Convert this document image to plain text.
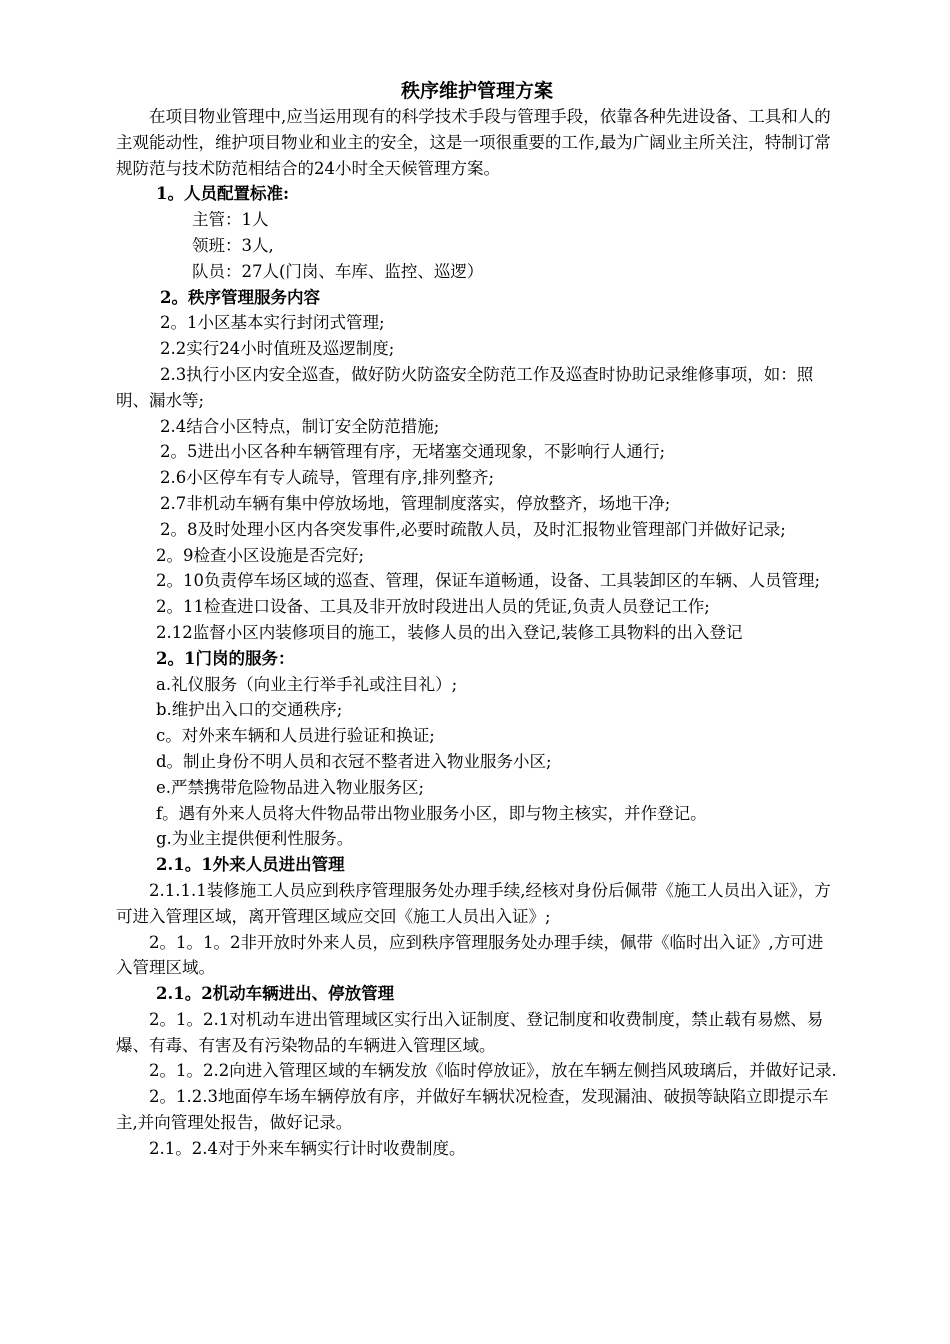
秩序维护管理方案

在项目物业管理中,应当运用现有的科学技术手段与管理手段，依靠各种先进设备、工具和人的主观能动性，维护项目物业和业主的安全，这是一项很重要的工作,最为广阔业主所关注，特制订常规防范与技术防范相结合的24小时全天候管理方案。

1。人员配置标准:

主管：1人

领班：3人,

队员：27人(门岗、车库、监控、巡逻）

2。秩序管理服务内容

2。1小区基本实行封闭式管理;

2.2实行24小时值班及巡逻制度;

2.3执行小区内安全巡查，做好防火防盗安全防范工作及巡查时协助记录维修事项，如：照明、漏水等;

2.4结合小区特点，制订安全防范措施;

2。5进出小区各种车辆管理有序，无堵塞交通现象，不影响行人通行;

2.6小区停车有专人疏导，管理有序,排列整齐;

2.7非机动车辆有集中停放场地，管理制度落实，停放整齐，场地干净;

2。8及时处理小区内各突发事件,必要时疏散人员，及时汇报物业管理部门并做好记录;

2。9检查小区设施是否完好;

2。10负责停车场区域的巡查、管理，保证车道畅通，设备、工具装卸区的车辆、人员管理;

2。11检查进口设备、工具及非开放时段进出人员的凭证,负责人员登记工作;

2.12监督小区内装修项目的施工，装修人员的出入登记,装修工具物料的出入登记

2。1门岗的服务：

a.礼仪服务（向业主行举手礼或注目礼）;

b.维护出入口的交通秩序;

c。对外来车辆和人员进行验证和换证;

d。制止身份不明人员和衣冠不整者进入物业服务小区;

e.严禁携带危险物品进入物业服务区;

f。遇有外来人员将大件物品带出物业服务小区，即与物主核实，并作登记。

g.为业主提供便利性服务。

2.1。1外来人员进出管理

2.1.1.1装修施工人员应到秩序管理服务处办理手续,经核对身份后佩带《施工人员出入证》，方可进入管理区域，离开管理区域应交回《施工人员出入证》;

2。1。1。2非开放时外来人员，应到秩序管理服务处办理手续，佩带《临时出入证》,方可进入管理区域。

2.1。2机动车辆进出、停放管理

2。1。2.1对机动车进出管理域区实行出入证制度、登记制度和收费制度，禁止载有易燃、易爆、有毒、有害及有污染物品的车辆进入管理区域。

2。1。2.2向进入管理区域的车辆发放《临时停放证》，放在车辆左侧挡风玻璃后，并做好记录.

2。1.2.3地面停车场车辆停放有序，并做好车辆状况检查，发现漏油、破损等缺陷立即提示车主,并向管理处报告，做好记录。

2.1。2.4对于外来车辆实行计时收费制度。
